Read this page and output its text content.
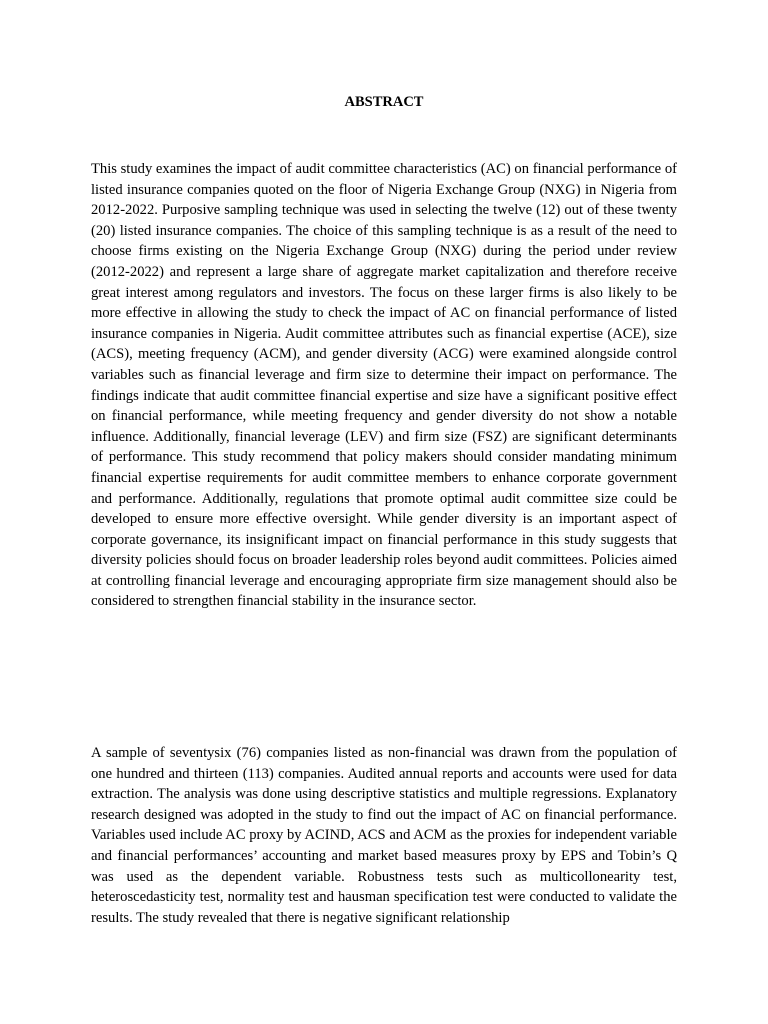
ABSTRACT

This study examines the impact of audit committee characteristics (AC) on financial performance of listed insurance companies quoted on the floor of Nigeria Exchange Group (NXG) in Nigeria from 2012-2022. Purposive sampling technique was used in selecting the twelve (12) out of these twenty (20) listed insurance companies. The choice of this sampling technique is as a result of the need to choose firms existing on the Nigeria Exchange Group (NXG) during the period under review (2012-2022) and represent a large share of aggregate market capitalization and therefore receive great interest among regulators and investors. The focus on these larger firms is also likely to be more effective in allowing the study to check the impact of AC on financial performance of listed insurance companies in Nigeria. Audit committee attributes such as financial expertise (ACE), size (ACS), meeting frequency (ACM), and gender diversity (ACG) were examined alongside control variables such as financial leverage and firm size to determine their impact on performance. The findings indicate that audit committee financial expertise and size have a significant positive effect on financial performance, while meeting frequency and gender diversity do not show a notable influence. Additionally, financial leverage (LEV) and firm size (FSZ) are significant determinants of performance. This study recommend that policy makers should consider mandating minimum financial expertise requirements for audit committee members to enhance corporate government and performance. Additionally, regulations that promote optimal audit committee size could be developed to ensure more effective oversight. While gender diversity is an important aspect of corporate governance, its insignificant impact on financial performance in this study suggests that diversity policies should focus on broader leadership roles beyond audit committees. Policies aimed at controlling financial leverage and encouraging appropriate firm size management should also be considered to strengthen financial stability in the insurance sector.

A sample of seventysix (76) companies listed as non-financial was drawn from the population of one hundred and thirteen (113) companies. Audited annual reports and accounts were used for data extraction. The analysis was done using descriptive statistics and multiple regressions. Explanatory research designed was adopted in the study to find out the impact of AC on financial performance. Variables used include AC proxy by ACIND, ACS and ACM as the proxies for independent variable and financial performances’ accounting and market based measures proxy by EPS and Tobin’s Q was used as the dependent variable. Robustness tests such as multicollonearity test, heteroscedasticity test, normality test and hausman specification test were conducted to validate the results. The study revealed that there is negative significant relationship
